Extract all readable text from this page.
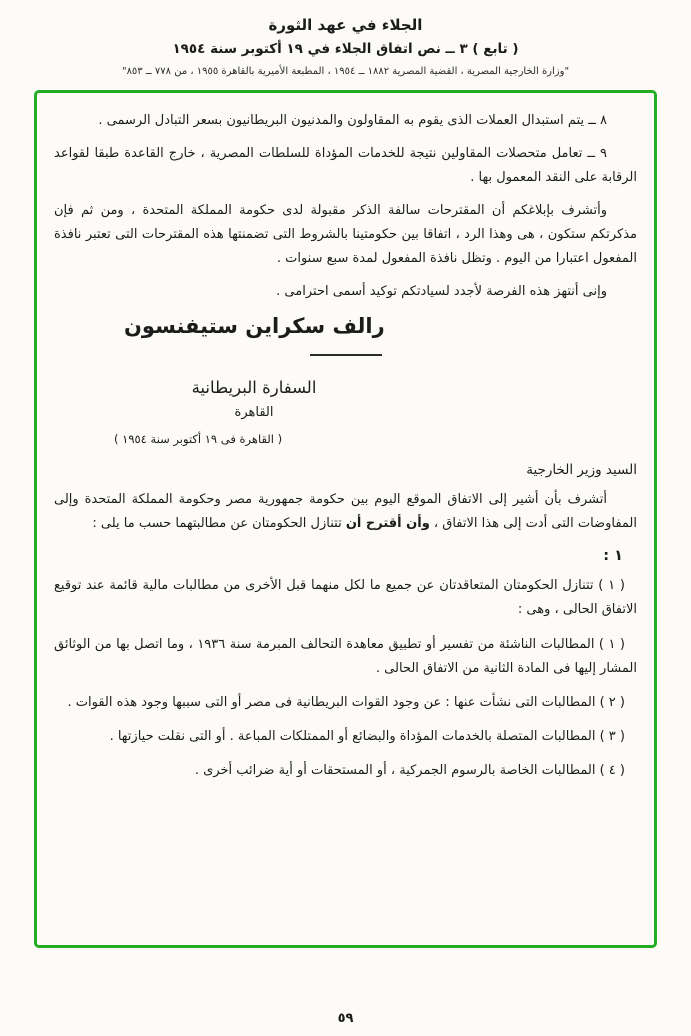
الجلاء في عهد الثورة
( تابع ) ٣ ــ نص اتفاق الجلاء في ١٩ أكتوبر سنة ١٩٥٤
"وزارة الخارجية المصرية ، القضية المصرية ١٨٨٢ ــ ١٩٥٤ ، المطبعة الأميرية بالقاهرة ١٩٥٥ ، من ٧٧٨ ــ ٨٥٣"

٨ ــ يتم استبدال العملات الذى يقوم به المقاولون والمدنيون البريطانيون بسعر التبادل الرسمى .

٩ ــ تعامل متحصلات المقاولين نتيجة للخدمات المؤداة للسلطات المصرية ، خارج القاعدة طبقا لقواعد الرقابة على النقد المعمول بها .

وأتشرف بإبلاغكم أن المقترحات سالفة الذكر مقبولة لدى حكومة المملكة المتحدة ، ومن ثم فإن مذكرتكم ستكون ، هى وهذا الرد ، اتفاقا بين حكومتينا بالشروط التى تضمنتها هذه المقترحات التى تعتبر نافذة المفعول اعتبارا من اليوم . وتظل نافذة المفعول لمدة سبع سنوات .

وإنى أنتهز هذه الفرصة لأجدد لسيادتكم توكيد أسمى احترامى .

رالف سكراين ستيفنسون
السفارة البريطانية
القاهرة
( القاهرة فى ١٩ أكتوبر سنة ١٩٥٤ )
السيد وزير الخارجية

أتشرف بأن أشير إلى الاتفاق الموقع اليوم بين حكومة جمهورية مصر وحكومة المملكة المتحدة وإلى المفاوضات التى أدت إلى هذا الاتفاق ، وأن أقترح أن تتنازل الحكومتان عن مطالبتهما حسب ما يلى :

١ :

( ١ ) تتنازل الحكومتان المتعاقدتان عن جميع ما لكل منهما قبل الأخرى من مطالبات مالية قائمة عند توقيع الاتفاق الحالى ، وهى :

( ١ ) المطالبات الناشئة من تفسير أو تطبيق معاهدة التحالف المبرمة سنة ١٩٣٦ ، وما اتصل بها من الوثائق المشار إليها فى المادة الثانية من الاتفاق الحالى .

( ٢ ) المطالبات التى نشأت عنها : عن وجود القوات البريطانية فى مصر أو التى سببها وجود هذه القوات .

( ٣ ) المطالبات المتصلة بالخدمات المؤداة والبضائع أو الممتلكات المباعة . أو التى نقلت حيازتها .

( ٤ ) المطالبات الخاصة بالرسوم الجمركية ، أو المستحقات أو أية ضرائب أخرى .

٥٩
